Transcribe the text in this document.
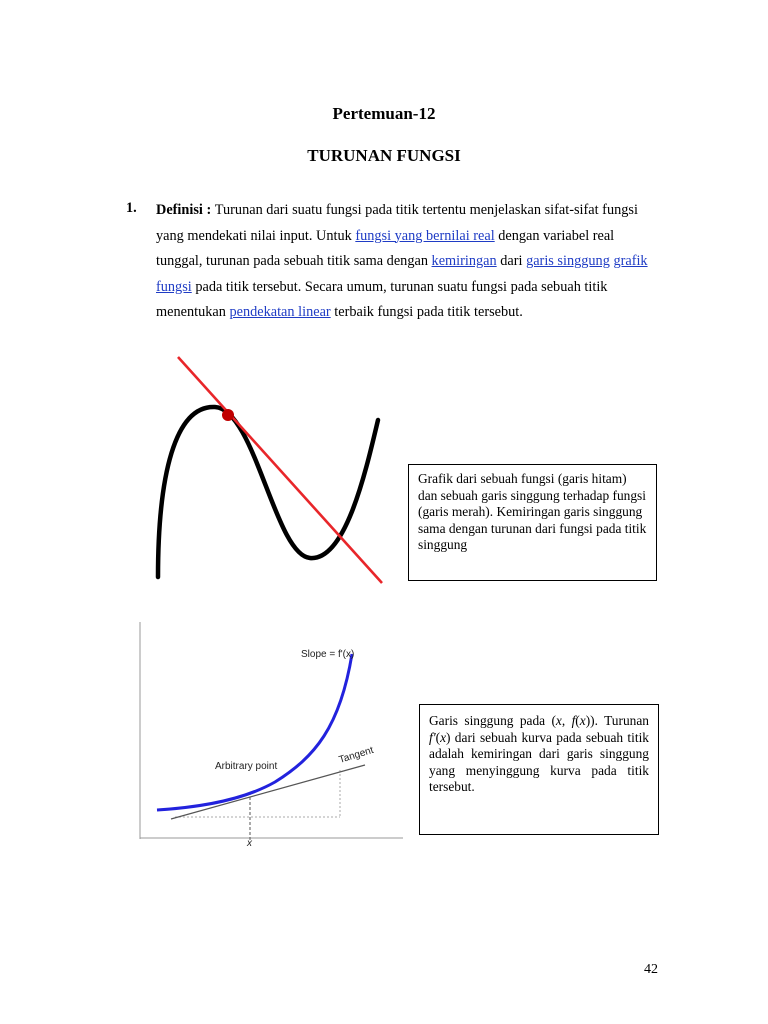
Pertemuan-12
TURUNAN FUNGSI
1. Definisi : Turunan dari suatu fungsi pada titik tertentu menjelaskan sifat-sifat fungsi yang mendekati nilai input. Untuk fungsi yang bernilai real dengan variabel real tunggal, turunan pada sebuah titik sama dengan kemiringan dari garis singgung grafik fungsi pada titik tersebut. Secara umum, turunan suatu fungsi pada sebuah titik menentukan pendekatan linear terbaik fungsi pada titik tersebut.

Grafik dari sebuah fungsi (garis hitam) dan sebuah garis singgung terhadap fungsi (garis merah). Kemiringan garis singgung sama dengan turunan dari fungsi pada titik singgung

Slope = f'(x)
Arbitrary point
Tangent
x

Garis singgung pada (x, f(x)). Turunan f'(x) dari sebuah kurva pada sebuah titik adalah kemiringan dari garis singgung yang menyinggung kurva pada titik tersebut.

42
